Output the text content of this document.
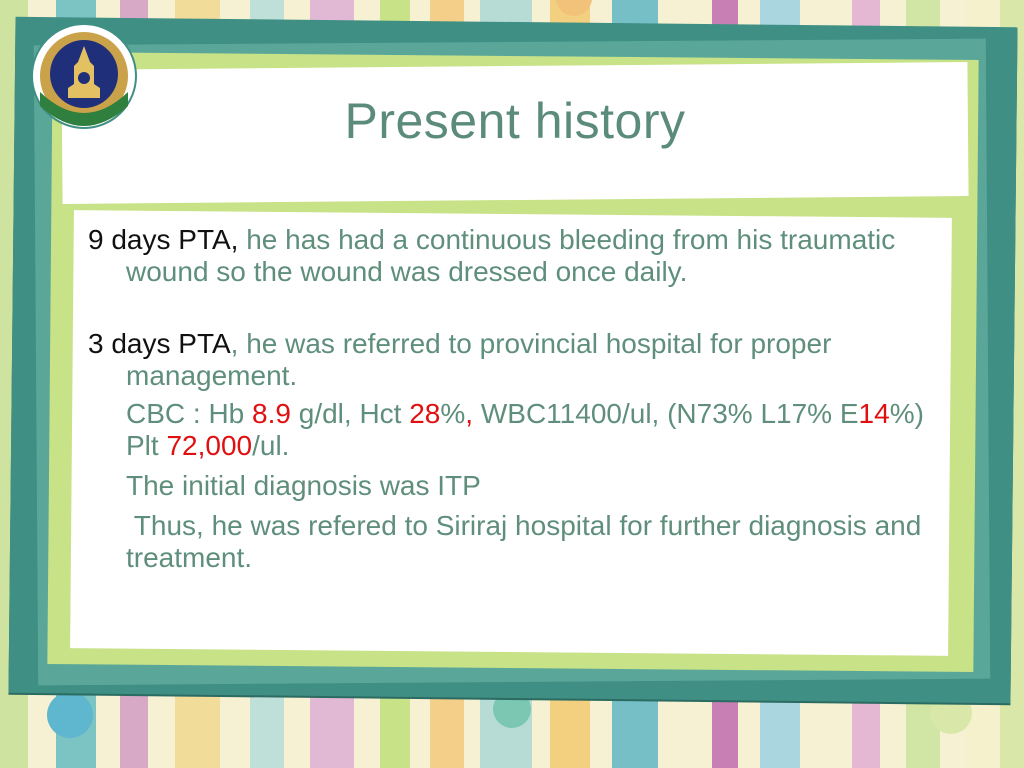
Present history

9 days PTA, he has had a continuous bleeding from his traumatic wound so the wound was dressed once daily.

3 days PTA, he was referred to provincial hospital for proper management.

CBC : Hb 8.9 g/dl, Hct 28%, WBC11400/ul, (N73% L17% E14%) Plt 72,000/ul.

The initial diagnosis was ITP

Thus, he was refered to Siriraj hospital for further diagnosis and treatment.
